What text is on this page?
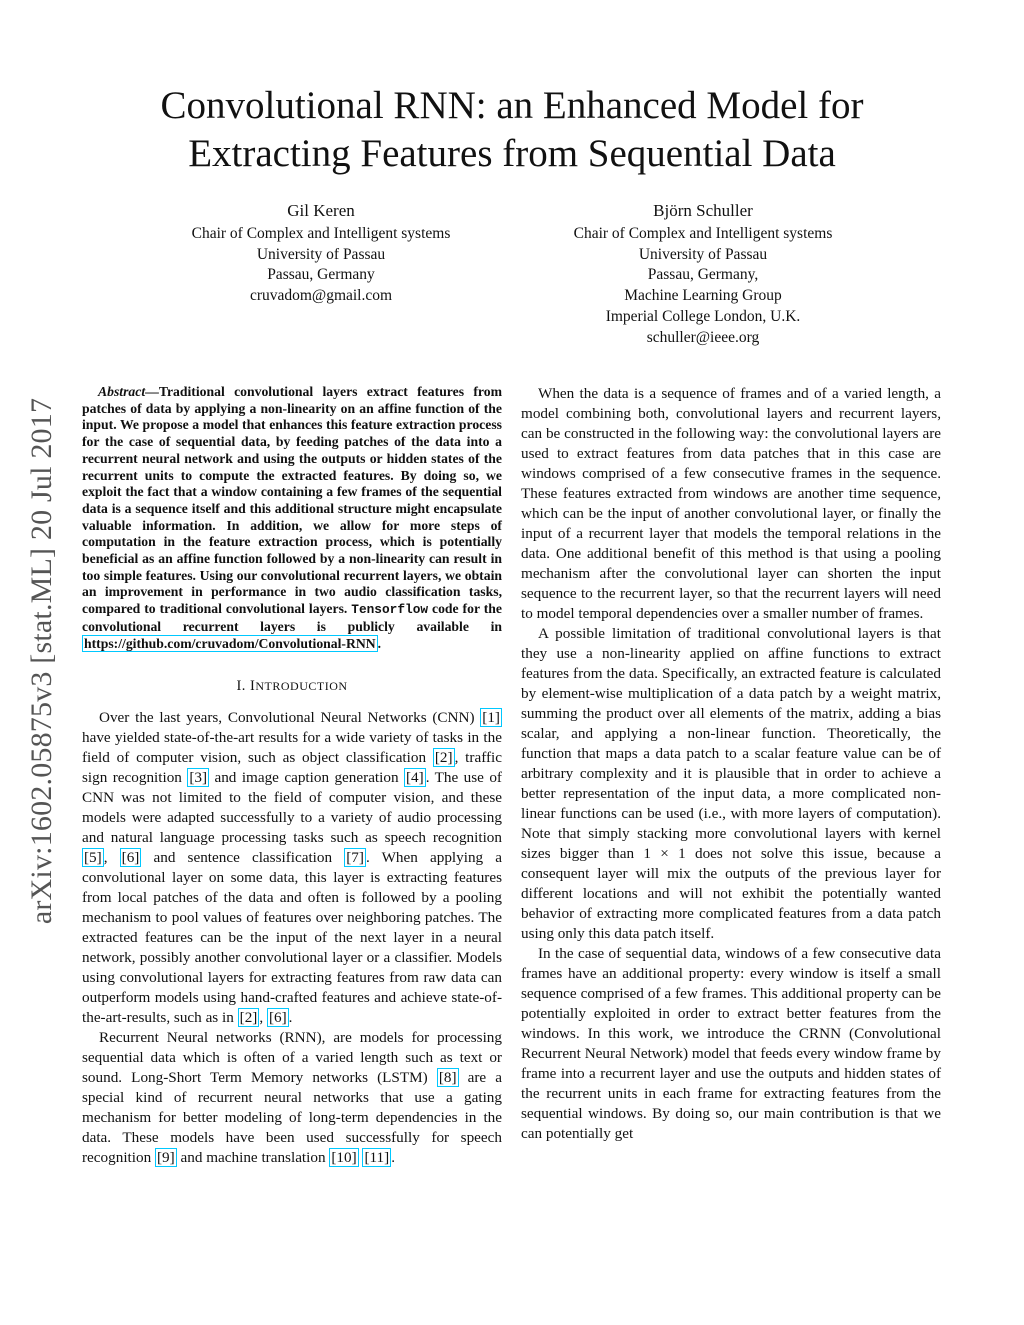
arXiv:1602.05875v3 [stat.ML] 20 Jul 2017
Convolutional RNN: an Enhanced Model for
Extracting Features from Sequential Data
Gil Keren
Chair of Complex and Intelligent systems
University of Passau
Passau, Germany
cruvadom@gmail.com
Björn Schuller
Chair of Complex and Intelligent systems
University of Passau
Passau, Germany,
Machine Learning Group
Imperial College London, U.K.
schuller@ieee.org

Abstract—Traditional convolutional layers extract features from patches of data by applying a non-linearity on an affine function of the input. We propose a model that enhances this feature extraction process for the case of sequential data, by feeding patches of the data into a recurrent neural network and using the outputs or hidden states of the recurrent units to compute the extracted features. By doing so, we exploit the fact that a window containing a few frames of the sequential data is a sequence itself and this additional structure might encapsulate valuable information. In addition, we allow for more steps of computation in the feature extraction process, which is potentially beneficial as an affine function followed by a non-linearity can result in too simple features. Using our convolutional recurrent layers, we obtain an improvement in performance in two audio classification tasks, compared to traditional convolutional layers. Tensorflow code for the convolutional recurrent layers is publicly available in https://github.com/cruvadom/Convolutional-RNN .

I. INTRODUCTION

Over the last years, Convolutional Neural Networks (CNN) [1] have yielded state-of-the-art results for a wide variety of tasks in the field of computer vision, such as object classification [2] , traffic sign recognition [3] and image caption generation [4] . The use of CNN was not limited to the field of computer vision, and these models were adapted successfully to a variety of audio processing and natural language processing tasks such as speech recognition [5] , [6] and sentence classification [7] . When applying a convolutional layer on some data, this layer is extracting features from local patches of the data and often is followed by a pooling mechanism to pool values of features over neighboring patches. The extracted features can be the input of the next layer in a neural network, possibly another convolutional layer or a classifier. Models using convolutional layers for extracting features from raw data can outperform models using hand-crafted features and achieve state-of-the-art-results, such as in [2] , [6] .

Recurrent Neural networks (RNN), are models for processing sequential data which is often of a varied length such as text or sound. Long-Short Term Memory networks (LSTM) [8] are a special kind of recurrent neural networks that use a gating mechanism for better modeling of long-term dependencies in the data. These models have been used successfully for speech recognition [9] and machine translation [10] [11] .

When the data is a sequence of frames and of a varied length, a model combining both, convolutional layers and recurrent layers, can be constructed in the following way: the convolutional layers are used to extract features from data patches that in this case are windows comprised of a few consecutive frames in the sequence. These features extracted from windows are another time sequence, which can be the input of another convolutional layer, or finally the input of a recurrent layer that models the temporal relations in the data. One additional benefit of this method is that using a pooling mechanism after the convolutional layer can shorten the input sequence to the recurrent layer, so that the recurrent layers will need to model temporal dependencies over a smaller number of frames.

A possible limitation of traditional convolutional layers is that they use a non-linearity applied on affine functions to extract features from the data. Specifically, an extracted feature is calculated by element-wise multiplication of a data patch by a weight matrix, summing the product over all elements of the matrix, adding a bias scalar, and applying a non-linear function. Theoretically, the function that maps a data patch to a scalar feature value can be of arbitrary complexity and it is plausible that in order to achieve a better representation of the input data, a more complicated non-linear functions can be used (i.e., with more layers of computation). Note that simply stacking more convolutional layers with kernel sizes bigger than 1 × 1 does not solve this issue, because a consequent layer will mix the outputs of the previous layer for different locations and will not exhibit the potentially wanted behavior of extracting more complicated features from a data patch using only this data patch itself.

In the case of sequential data, windows of a few consecutive data frames have an additional property: every window is itself a small sequence comprised of a few frames. This additional property can be potentially exploited in order to extract better features from the windows. In this work, we introduce the CRNN (Convolutional Recurrent Neural Network) model that feeds every window frame by frame into a recurrent layer and use the outputs and hidden states of the recurrent units in each frame for extracting features from the sequential windows. By doing so, our main contribution is that we can potentially get
